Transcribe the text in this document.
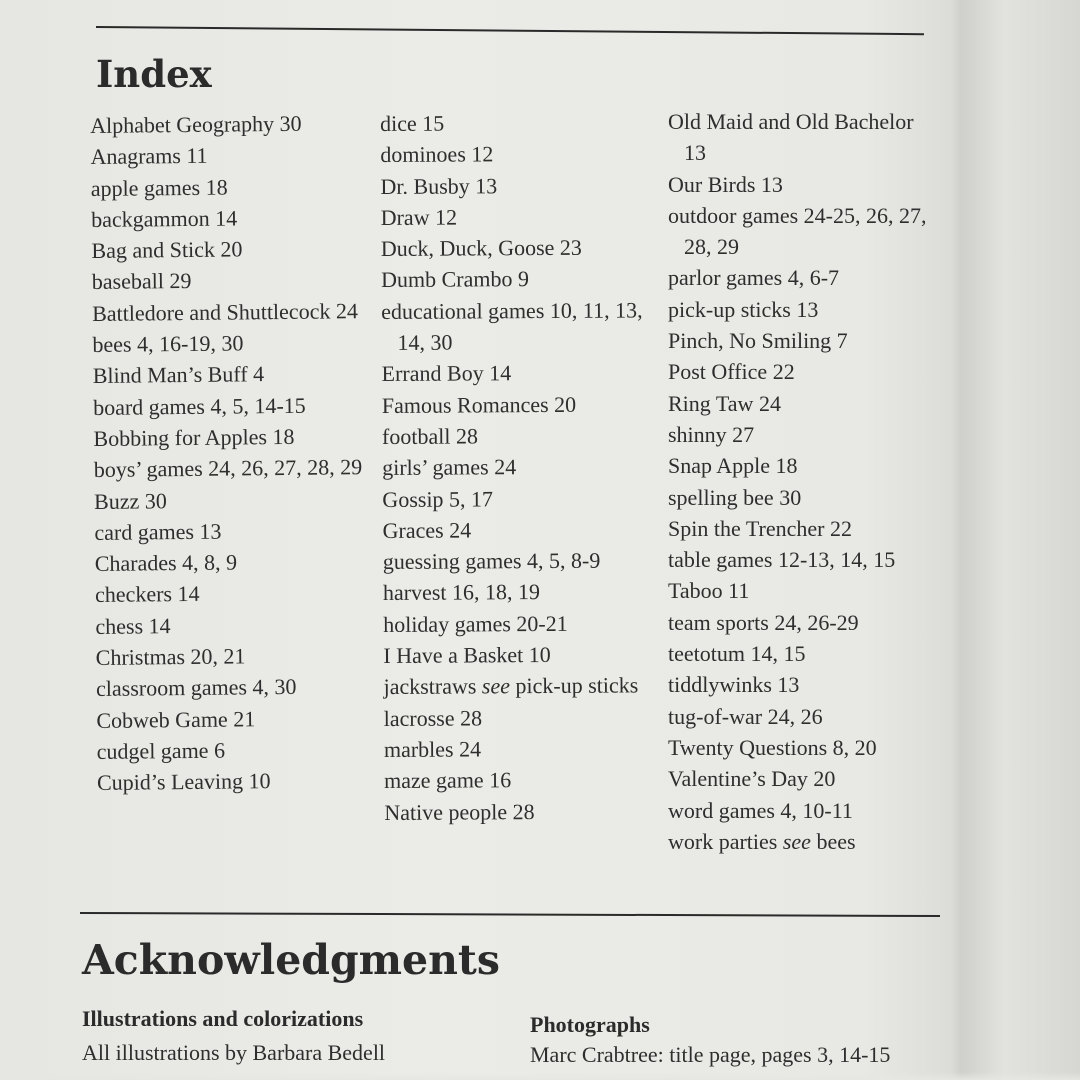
Index
Alphabet Geography 30
Anagrams 11
apple games 18
backgammon 14
Bag and Stick 20
baseball 29
Battledore and Shuttlecock 24
bees 4, 16-19, 30
Blind Man’s Buff 4
board games 4, 5, 14-15
Bobbing for Apples 18
boys’ games 24, 26, 27, 28, 29
Buzz 30
card games 13
Charades 4, 8, 9
checkers 14
chess 14
Christmas 20, 21
classroom games 4, 30
Cobweb Game 21
cudgel game 6
Cupid’s Leaving 10
dice 15
dominoes 12
Dr. Busby 13
Draw 12
Duck, Duck, Goose 23
Dumb Crambo 9
educational games 10, 11, 13, 14, 30
Errand Boy 14
Famous Romances 20
football 28
girls’ games 24
Gossip 5, 17
Graces 24
guessing games 4, 5, 8-9
harvest 16, 18, 19
holiday games 20-21
I Have a Basket 10
jackstraws see pick-up sticks
lacrosse 28
marbles 24
maze game 16
Native people 28
Old Maid and Old Bachelor 13
Our Birds 13
outdoor games 24-25, 26, 27, 28, 29
parlor games 4, 6-7
pick-up sticks 13
Pinch, No Smiling 7
Post Office 22
Ring Taw 24
shinny 27
Snap Apple 18
spelling bee 30
Spin the Trencher 22
table games 12-13, 14, 15
Taboo 11
team sports 24, 26-29
teetotum 14, 15
tiddlywinks 13
tug-of-war 24, 26
Twenty Questions 8, 20
Valentine’s Day 20
word games 4, 10-11
work parties see bees
Acknowledgments
Illustrations and colorizations
All illustrations by Barbara Bedell
Photographs
Marc Crabtree: title page, pages 3, 14-15
